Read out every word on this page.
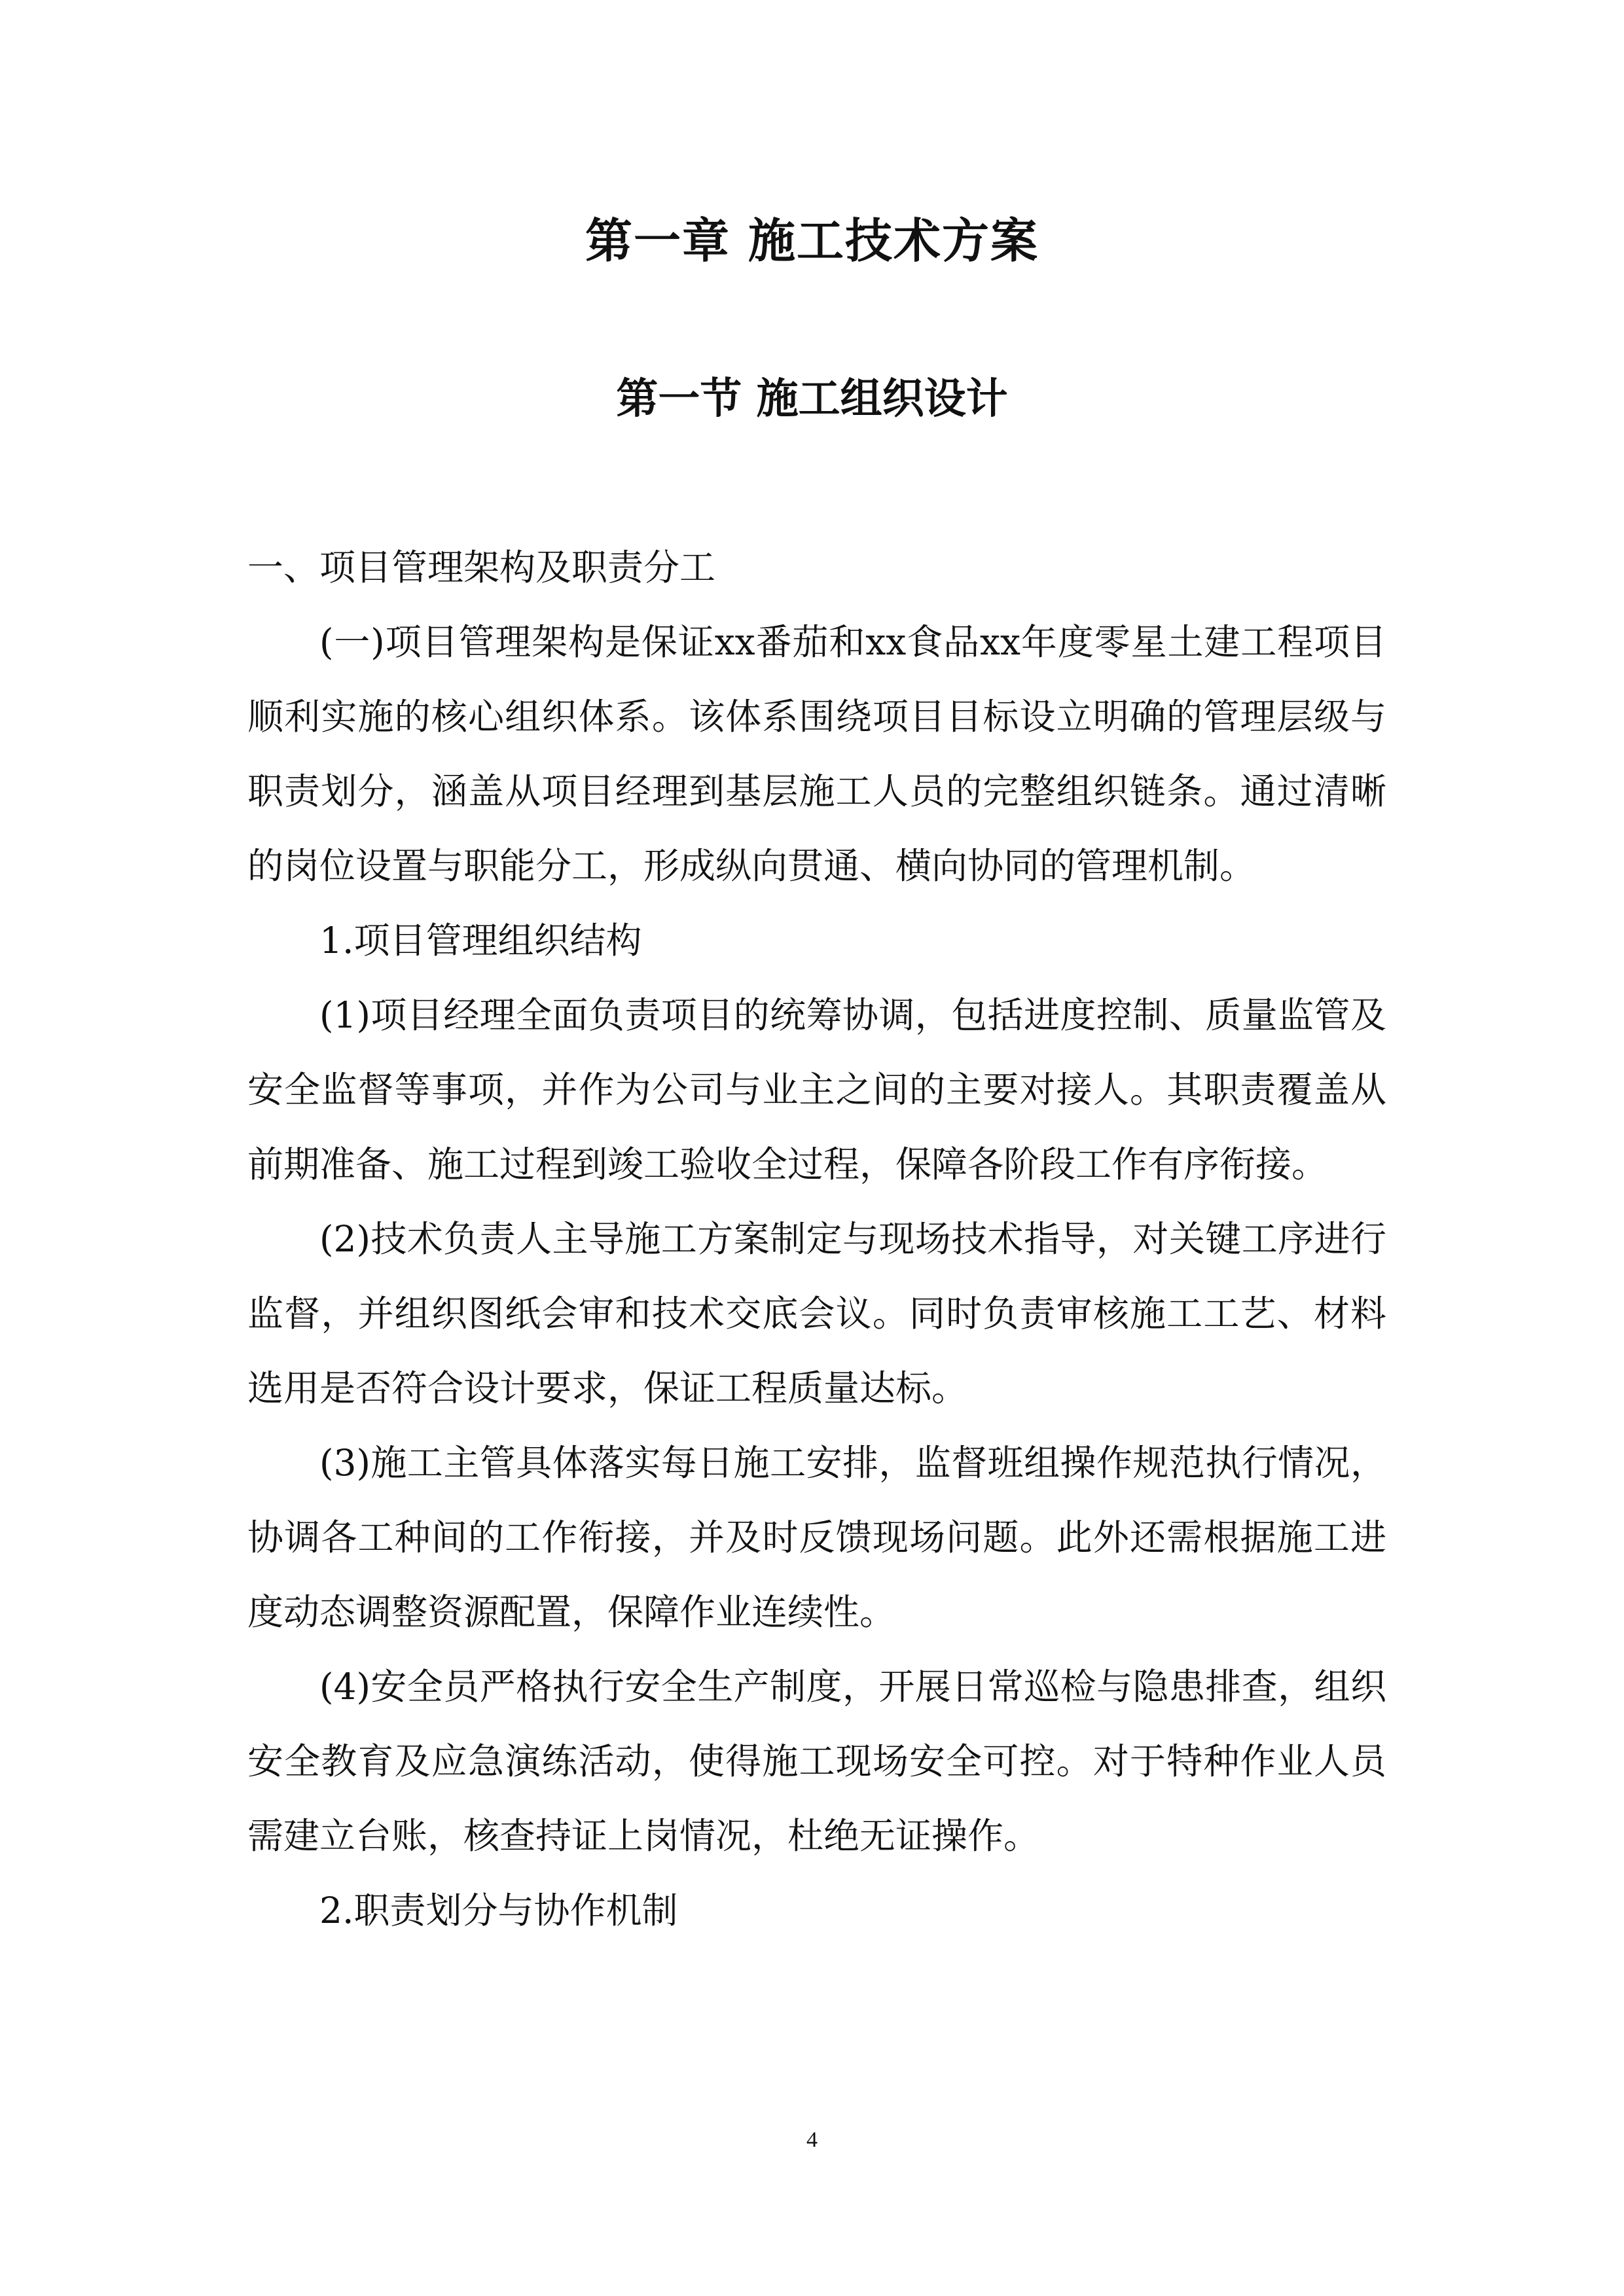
第一章 施工技术方案
第一节 施工组织设计

一、项目管理架构及职责分工

(一)项目管理架构是保证xx番茄和xx食品xx年度零星土建工程项目顺利实施的核心组织体系。该体系围绕项目目标设立明确的管理层级与职责划分，涵盖从项目经理到基层施工人员的完整组织链条。通过清晰的岗位设置与职能分工，形成纵向贯通、横向协同的管理机制。

1.项目管理组织结构

(1)项目经理全面负责项目的统筹协调，包括进度控制、质量监管及安全监督等事项，并作为公司与业主之间的主要对接人。其职责覆盖从前期准备、施工过程到竣工验收全过程，保障各阶段工作有序衔接。

(2)技术负责人主导施工方案制定与现场技术指导，对关键工序进行监督，并组织图纸会审和技术交底会议。同时负责审核施工工艺、材料选用是否符合设计要求，保证工程质量达标。

(3)施工主管具体落实每日施工安排，监督班组操作规范执行情况，协调各工种间的工作衔接，并及时反馈现场问题。此外还需根据施工进度动态调整资源配置，保障作业连续性。

(4)安全员严格执行安全生产制度，开展日常巡检与隐患排查，组织安全教育及应急演练活动，使得施工现场安全可控。对于特种作业人员需建立台账，核查持证上岗情况，杜绝无证操作。

2.职责划分与协作机制

4
